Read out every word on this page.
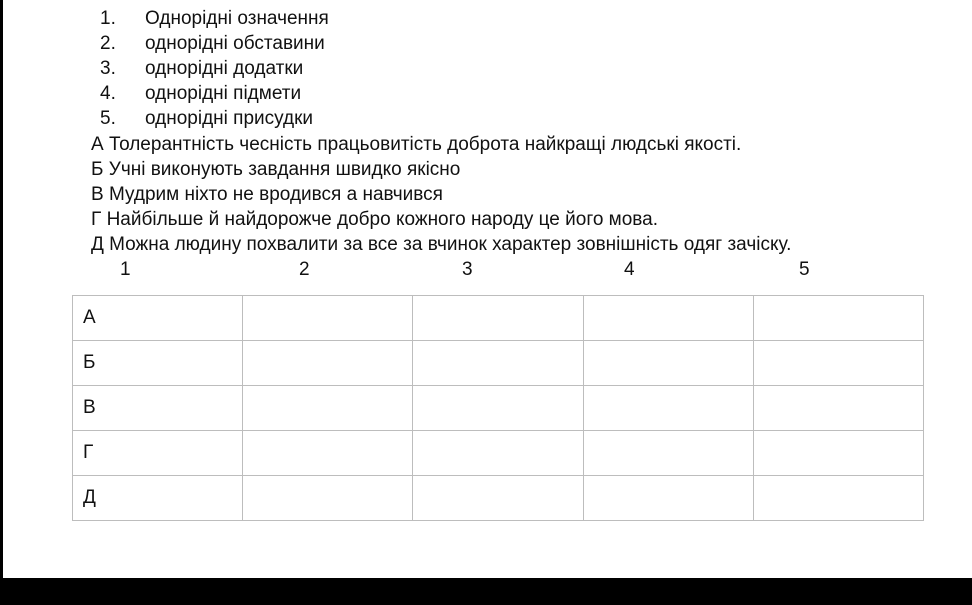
1. Однорідні означення
2. однорідні обставини
3. однорідні додатки
4. однорідні підмети
5. однорідні присудки
А Толерантність чесність працьовитість доброта найкращі людські якості.
Б Учні виконують завдання швидко якісно
В Мудрим ніхто не вродився а навчився
Г Найбільше й найдорожче добро кожного народу це його мова.
Д Можна людину похвалити за все за вчинок характер зовнішність одяг зачіску.
1	2	3	4	5
А				
Б				
В				
Г				
Д				
